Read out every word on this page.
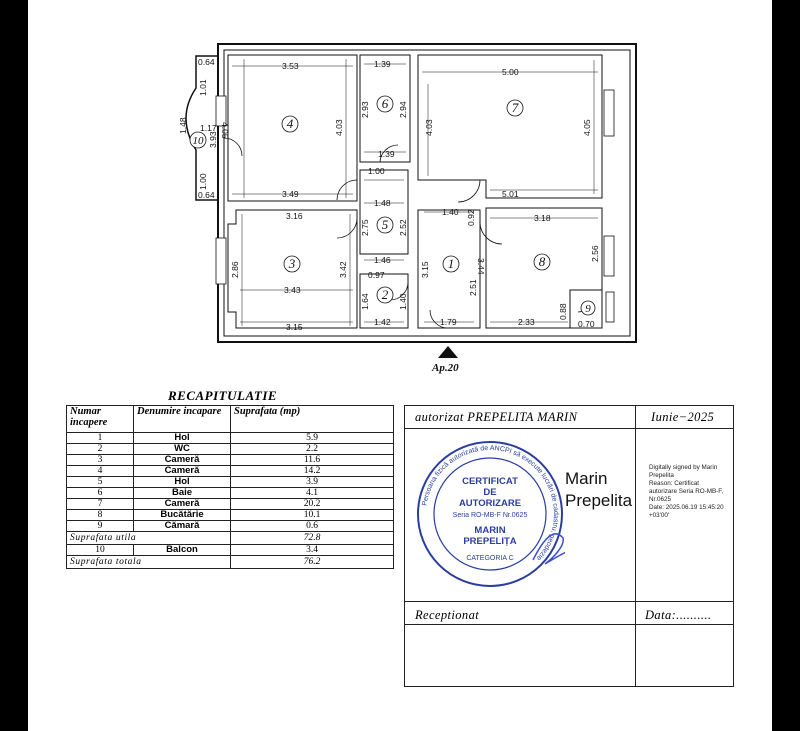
Ap.20
4
6	7
3
5
2
1	8
9
10
0.64
1.01
1.48 1.17
3.93
1.00
0.64
3.53
4.05	4.03
3.49
1.39
2.93	2.94
1.39
1.00
5.00
4.03	4.05
5.01
3.16
2.86
3.43
3.42
3.15
1.48
2.75	2.52
1.46
0.97
1.64	1.40
1.42
1.40 0.92
3.15
2.51
1.79
3.18
3.44
2.56
2.33
0.88
0.70
RECAPITULATIE
Numar incapere	Denumire incapare	Suprafata (mp)
1	Hol	5.9
2	WC	2.2
3	Cameră	11.6
4	Cameră	14.2
5	Hol	3.9
6	Baie	4.1
7	Cameră	20.2
8	Bucătărie	10.1
9	Cămară	0.6
Suprafata utila		72.8
10	Balcon	3.4
Suprafata totala		76.2
autorizat PREPELITA MARIN	Iunie−2025
Receptionat	Data:..........
Persoana fizică autorizată de ANCPI să execute lucrări de cadastru, geodezie
CATEGORIA C
CERTIFICAT
DE
AUTORIZARE
Seria RO-MB-F Nr.0625
MARIN
PREPELIȚA
Marin
Prepelita
Digitally signed by Marin
Prepelita
Reason: Certificat
autorizare Seria RO-MB-F,
Nr.0625
Date: 2025.06.19 15:45:20
+03'00'
